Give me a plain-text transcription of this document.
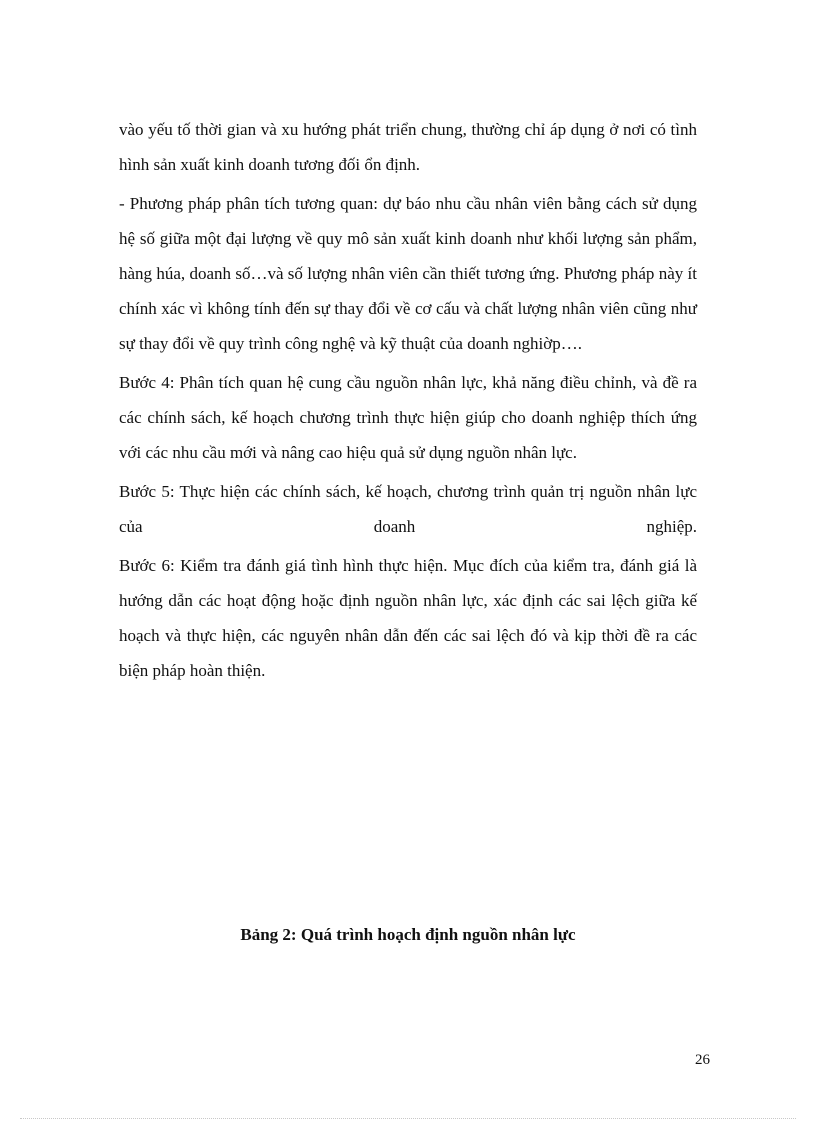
vào yếu tố thời gian và xu hướng phát triển chung, thường chỉ áp dụng ở nơi có tình hình sản xuất kinh doanh tương đối ổn định.

- Phương pháp phân tích tương quan: dự báo nhu cầu nhân viên bằng cách sử dụng hệ số giữa một đại lượng về quy mô sản xuất kinh doanh như khối lượng sản phẩm, hàng húa, doanh số…và số lượng nhân viên cần thiết tương ứng. Phương pháp này ít chính xác vì không tính đến sự thay đổi về cơ cấu và chất lượng nhân viên cũng như sự thay đổi về quy trình công nghệ và kỹ thuật của doanh nghiờp….

Bước 4: Phân tích quan hệ cung cầu nguồn nhân lực, khả năng điều chỉnh, và đề ra các chính sách, kế hoạch chương trình thực hiện giúp cho doanh nghiệp thích ứng với các nhu cầu mới và nâng cao hiệu quả sử dụng nguồn nhân lực.

Bước 5: Thực hiện các chính sách, kế hoạch, chương trình quản trị nguồn nhân lực của doanh nghiệp.

Bước 6: Kiểm tra đánh giá tình hình thực hiện. Mục đích của kiểm tra, đánh giá là hướng dẫn các hoạt động hoặc định nguồn nhân lực, xác định các sai lệch giữa kế hoạch và thực hiện, các nguyên nhân dẫn đến các sai lệch đó và kịp thời đề ra các biện pháp hoàn thiện.

Bảng 2: Quá trình hoạch định nguồn nhân lực

26
